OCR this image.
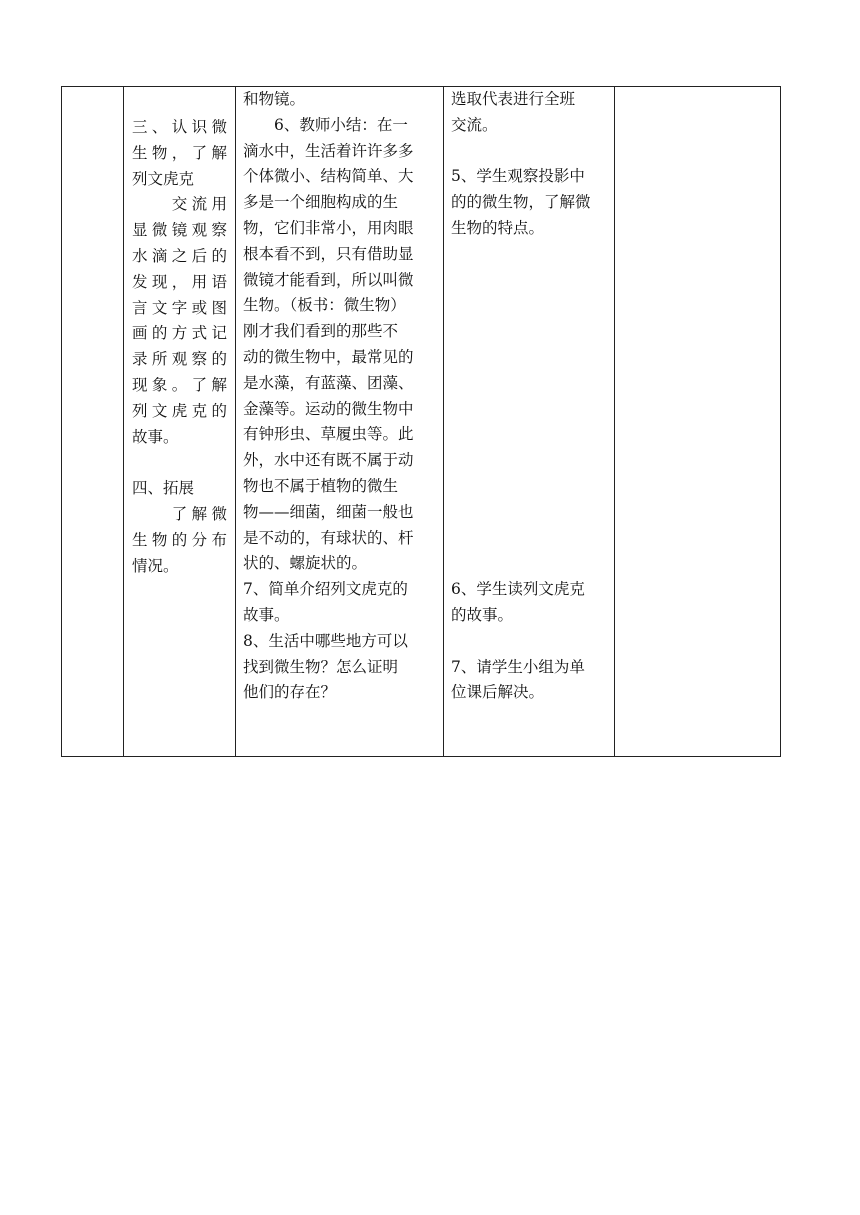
三、认识微
生物，了解
列文虎克
　　交流用
显微镜观察
水滴之后的
发现，用语
言文字或图
画的方式记
录所观察的
现象。了解
列文虎克的
故事。
四、拓展
　　了解微
生物的分布
情况。
和物镜。
　　6、教师小结：在一
滴水中，生活着许许多多
个体微小、结构简单、大
多是一个细胞构成的生
物，它们非常小，用肉眼
根本看不到，只有借助显
微镜才能看到，所以叫微
生物。（板书：微生物）
刚才我们看到的那些不
动的微生物中，最常见的
是水藻，有蓝藻、团藻、
金藻等。运动的微生物中
有钟形虫、草履虫等。此
外，水中还有既不属于动
物也不属于植物的微生
物——细菌，细菌一般也
是不动的，有球状的、杆
状的、螺旋状的。
7、简单介绍列文虎克的
故事。
8、生活中哪些地方可以
找到微生物？怎么证明
他们的存在？
选取代表进行全班
交流。
5、学生观察投影中
的的微生物，了解微
生物的特点。
6、学生读列文虎克
的故事。
7、请学生小组为单
位课后解决。
